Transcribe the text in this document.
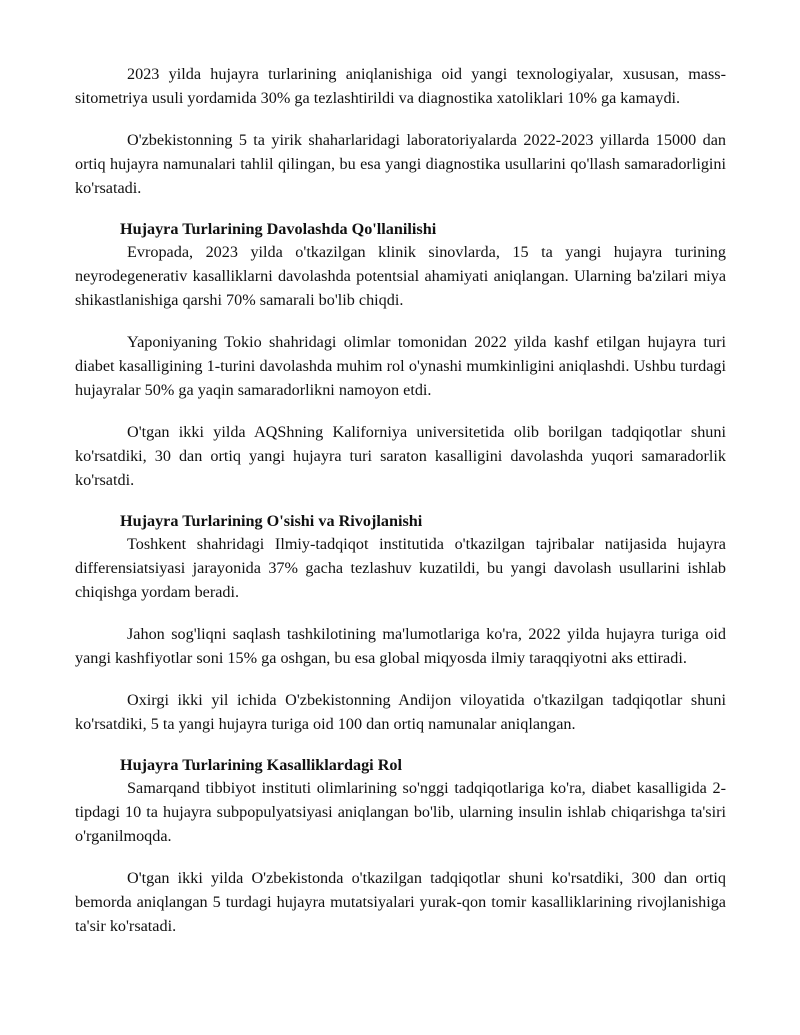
2023 yilda hujayra turlarining aniqlanishiga oid yangi texnologiyalar, xususan, mass-sitometriya usuli yordamida 30% ga tezlashtirildi va diagnostika xatoliklari 10% ga kamaydi.

O'zbekistonning 5 ta yirik shaharlaridagi laboratoriyalarda 2022-2023 yillarda 15000 dan ortiq hujayra namunalari tahlil qilingan, bu esa yangi diagnostika usullarini qo'llash samaradorligini ko'rsatadi.

Hujayra Turlarining Davolashda Qo'llanilishi

Evropada, 2023 yilda o'tkazilgan klinik sinovlarda, 15 ta yangi hujayra turining neyrodegenerativ kasalliklarni davolashda potentsial ahamiyati aniqlangan. Ularning ba'zilari miya shikastlanishiga qarshi 70% samarali bo'lib chiqdi.

Yaponiyaning Tokio shahridagi olimlar tomonidan 2022 yilda kashf etilgan hujayra turi diabet kasalligining 1-turini davolashda muhim rol o'ynashi mumkinligini aniqlashdi. Ushbu turdagi hujayralar 50% ga yaqin samaradorlikni namoyon etdi.

O'tgan ikki yilda AQShning Kaliforniya universitetida olib borilgan tadqiqotlar shuni ko'rsatdiki, 30 dan ortiq yangi hujayra turi saraton kasalligini davolashda yuqori samaradorlik ko'rsatdi.

Hujayra Turlarining O'sishi va Rivojlanishi

Toshkent shahridagi Ilmiy-tadqiqot institutida o'tkazilgan tajribalar natijasida hujayra differensiatsiyasi jarayonida 37% gacha tezlashuv kuzatildi, bu yangi davolash usullarini ishlab chiqishga yordam beradi.

Jahon sog'liqni saqlash tashkilotining ma'lumotlariga ko'ra, 2022 yilda hujayra turiga oid yangi kashfiyotlar soni 15% ga oshgan, bu esa global miqyosda ilmiy taraqqiyotni aks ettiradi.

Oxirgi ikki yil ichida O'zbekistonning Andijon viloyatida o'tkazilgan tadqiqotlar shuni ko'rsatdiki, 5 ta yangi hujayra turiga oid 100 dan ortiq namunalar aniqlangan.

Hujayra Turlarining Kasalliklardagi Rol

Samarqand tibbiyot instituti olimlarining so'nggi tadqiqotlariga ko'ra, diabet kasalligida 2-tipdagi 10 ta hujayra subpopulyatsiyasi aniqlangan bo'lib, ularning insulin ishlab chiqarishga ta'siri o'rganilmoqda.

O'tgan ikki yilda O'zbekistonda o'tkazilgan tadqiqotlar shuni ko'rsatdiki, 300 dan ortiq bemorda aniqlangan 5 turdagi hujayra mutatsiyalari yurak-qon tomir kasalliklarining rivojlanishiga ta'sir ko'rsatadi.
